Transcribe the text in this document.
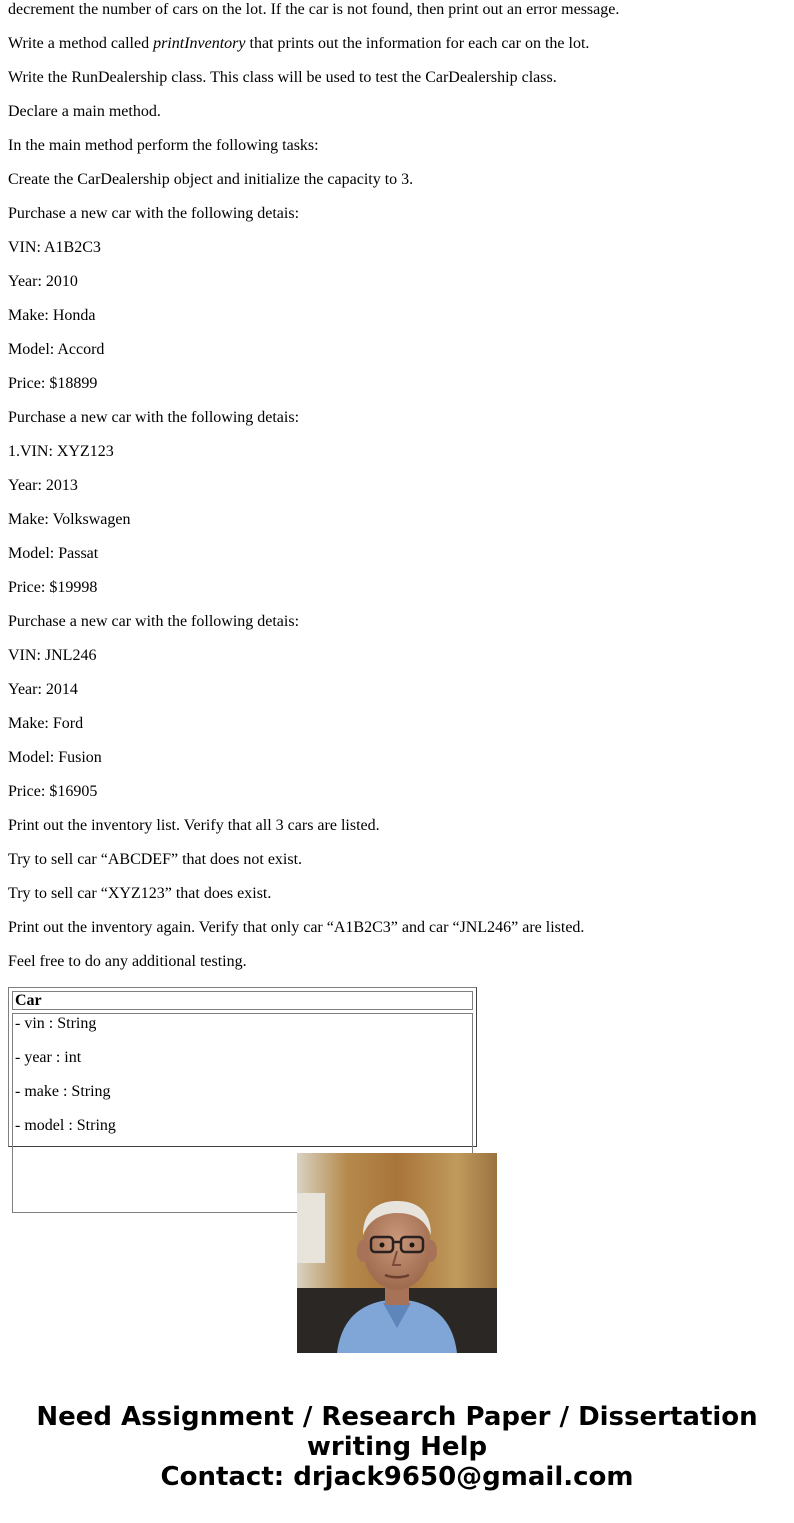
decrement the number of cars on the lot. If the car is not found, then print out an error message.

Write a method called printInventory that prints out the information for each car on the lot.

Write the RunDealership class. This class will be used to test the CarDealership class.

Declare a main method.

In the main method perform the following tasks:

Create the CarDealership object and initialize the capacity to 3.

Purchase a new car with the following detais:

VIN: A1B2C3

Year: 2010

Make: Honda

Model: Accord

Price: $18899

Purchase a new car with the following detais:

1.VIN: XYZ123

Year: 2013

Make: Volkswagen

Model: Passat

Price: $19998

Purchase a new car with the following detais:

VIN: JNL246

Year: 2014

Make: Ford

Model: Fusion

Price: $16905

Print out the inventory list. Verify that all 3 cars are listed.

Try to sell car “ABCDEF” that does not exist.

Try to sell car “XYZ123” that does exist.

Print out the inventory again. Verify that only car “A1B2C3” and car “JNL246” are listed.

Feel free to do any additional testing.

Car

- vin : String

- year : int

- make : String

- model : String

Need Assignment / Research Paper / Dissertation
writing Help
Contact: drjack9650@gmail.com
